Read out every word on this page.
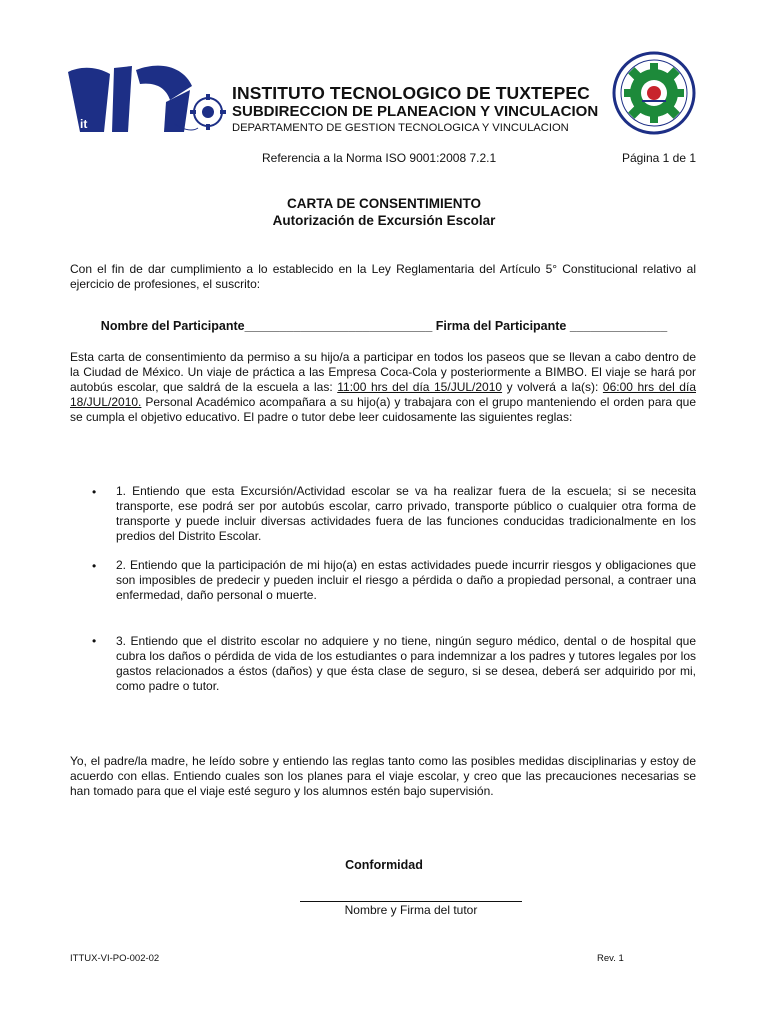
it
INSTITUTO TECNOLOGICO DE TUXTEPEC
SUBDIRECCION DE PLANEACION Y VINCULACION
DEPARTAMENTO DE GESTION TECNOLOGICA Y VINCULACION
Referencia a la Norma ISO 9001:2008 7.2.1	Página 1 de 1
CARTA DE CONSENTIMIENTO
Autorización de Excursión Escolar

Con el fin de dar cumplimiento a lo establecido en la Ley Reglamentaria del Artículo 5° Constitucional relativo al ejercicio de profesiones, el suscrito:

Nombre del Participante___________________________ Firma del Participante ______________

Esta carta de consentimiento da permiso a su hijo/a a participar en todos los paseos que se llevan a cabo dentro de la Ciudad de México. Un viaje de práctica a las Empresa Coca-Cola y posteriormente a BIMBO. El viaje se hará por autobús escolar, que saldrá de la escuela a las: 11:00 hrs del día 15/JUL/2010 y volverá a la(s): 06:00 hrs del día 18/JUL/2010. Personal Académico acompañara a su hijo(a) y trabajara con el grupo manteniendo el orden para que se cumpla el objetivo educativo. El padre o tutor debe leer cuidosamente las siguientes reglas:

• 1. Entiendo que esta Excursión/Actividad escolar se va ha realizar fuera de la escuela; si se necesita transporte, ese podrá ser por autobús escolar, carro privado, transporte público o cualquier otra forma de transporte y puede incluir diversas actividades fuera de las funciones conducidas tradicionalmente en los predios del Distrito Escolar.

• 2. Entiendo que la participación de mi hijo(a) en estas actividades puede incurrir riesgos y obligaciones que son imposibles de predecir y pueden incluir el riesgo a pérdida o daño a propiedad personal, a contraer una enfermedad, daño personal o muerte.

• 3. Entiendo que el distrito escolar no adquiere y no tiene, ningún seguro médico, dental o de hospital que cubra los daños o pérdida de vida de los estudiantes o para indemnizar a los padres y tutores legales por los gastos relacionados a éstos (daños) y que ésta clase de seguro, si se desea, deberá ser adquirido por mi, como padre o tutor.

Yo, el padre/la madre, he leído sobre y entiendo las reglas tanto como las posibles medidas disciplinarias y estoy de acuerdo con ellas. Entiendo cuales son los planes para el viaje escolar, y creo que las precauciones necesarias se han tomado para que el viaje esté seguro y los alumnos estén bajo supervisión.

Conformidad
Nombre y Firma del tutor
ITTUX-VI-PO-002-02	Rev. 1
